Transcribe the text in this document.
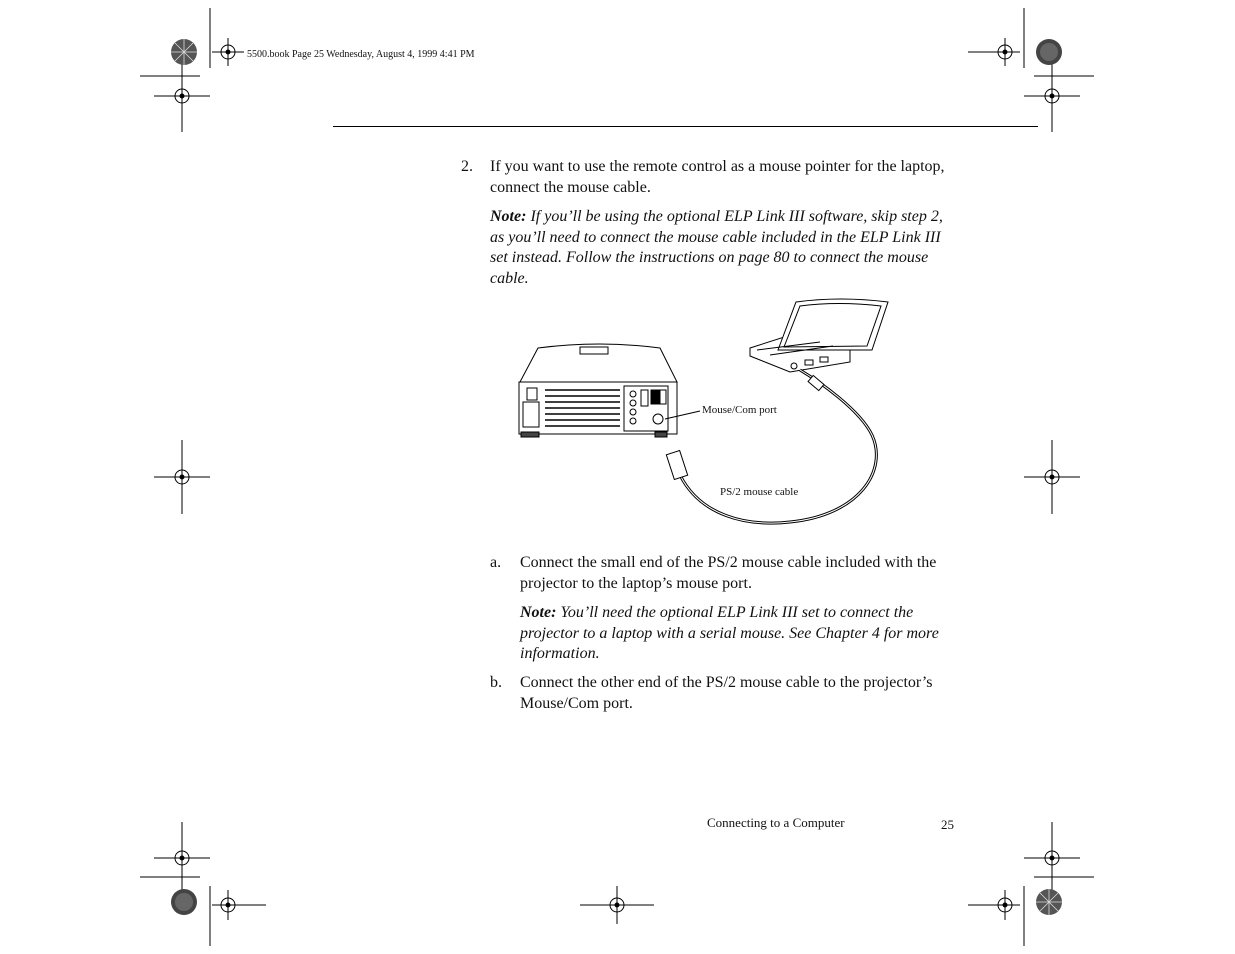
5500.book Page 25 Wednesday, August 4, 1999 4:41 PM
2. If you want to use the remote control as a mouse pointer for the laptop, connect the mouse cable.
Note: If you’ll be using the optional ELP Link III software, skip step 2, as you’ll need to connect the mouse cable included in the ELP Link III set instead. Follow the instructions on page 80 to connect the mouse cable.
Mouse/Com port
PS/2 mouse cable
a. Connect the small end of the PS/2 mouse cable included with the projector to the laptop’s mouse port.
Note: You’ll need the optional ELP Link III set to connect the projector to a laptop with a serial mouse. See Chapter 4 for more information.
b. Connect the other end of the PS/2 mouse cable to the projector’s Mouse/Com port.
Connecting to a Computer	25
